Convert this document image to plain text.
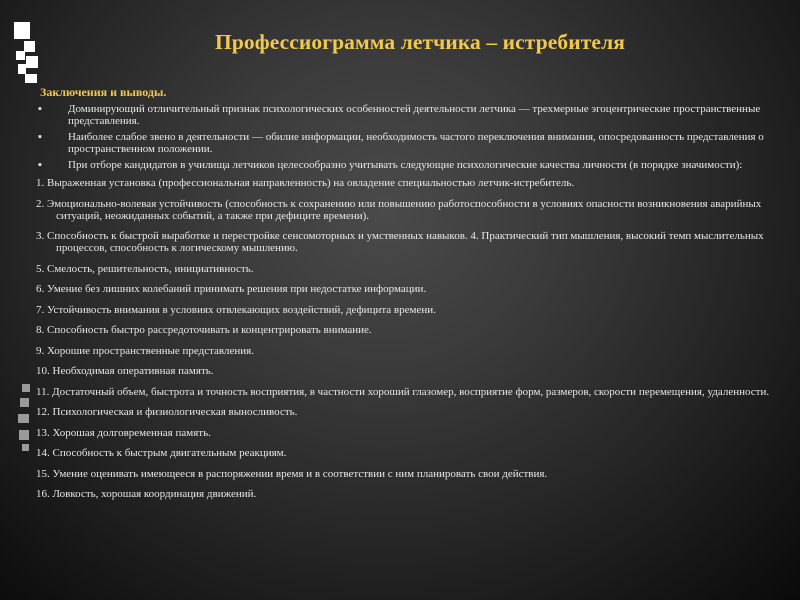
Профессиограмма летчика – истребителя
Заключения и выводы.
▪ Доминирующий отличительный признак психологических особенностей деятельности летчика — трехмерные эгоцентрические пространственные представления.
▪ Наиболее слабое звено в деятельности — обилие информации, необходимость частого переключения внимания, опосредованность представления о пространственном положении.
▪ При отборе кандидатов в училища летчиков целесообразно учитывать следующие психологические качества личности (в порядке значимости):
1. Выраженная установка (профессиональная направленность) на овладение специальностью летчик-истребитель.
2. Эмоционально-волевая устойчивость (способность к сохранению или повышению работоспособности в условиях опасности возникновения аварийных ситуаций, неожиданных событий, а также при дефиците времени).
3. Способность к быстрой выработке и перестройке сенсомоторных и умственных навыков. 4. Практический тип мышления, высокий темп мыслительных процессов, способность к логическому мышлению.
5. Смелость, решительность, инициативность.
6. Умение без лишних колебаний принимать решения при недостатке информации.
7. Устойчивость внимания в условиях отвлекающих воздействий, дефицита времени.
8. Способность быстро рассредоточивать и концентрировать внимание.
9. Хорошие пространственные представления.
10. Необходимая оперативная память.
11. Достаточный объем, быстрота и точность восприятия, в частности хороший глазомер, восприятие форм, размеров, скорости перемещения, удаленности.
12. Психологическая и физиологическая выносливость.
13. Хорошая долговременная память.
14. Способность к быстрым двигательным реакциям.
15. Умение оценивать имеющееся в распоряжении время и в соответствии с ним планировать свои действия.
16. Ловкость, хорошая координация движений.
